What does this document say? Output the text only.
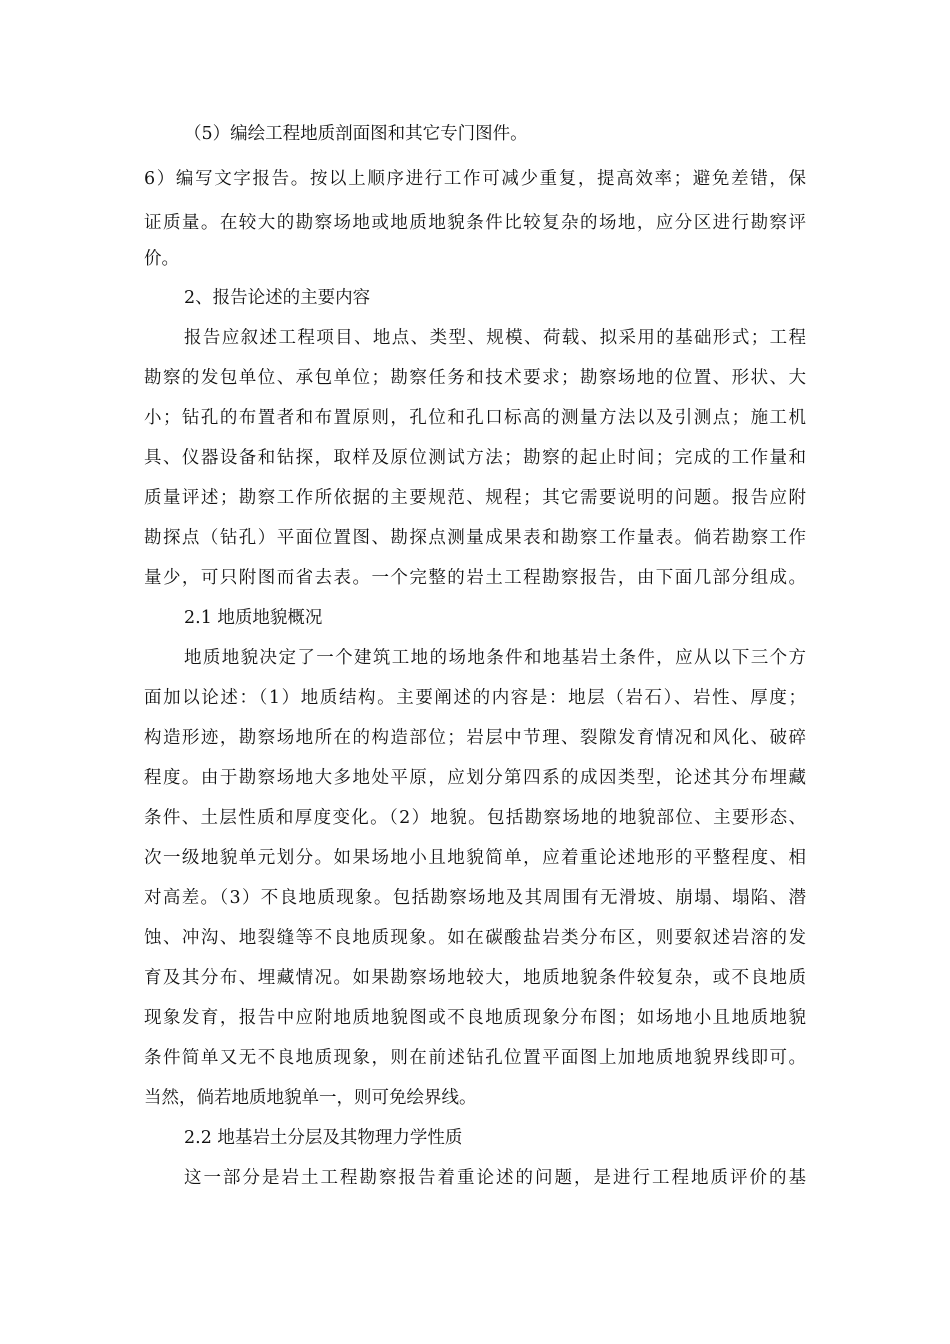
（5）编绘工程地质剖面图和其它专门图件。
6）编写文字报告。按以上顺序进行工作可减少重复，提高效率；避免差错，保
证质量。在较大的勘察场地或地质地貌条件比较复杂的场地，应分区进行勘察评
价。
2、报告论述的主要内容
报告应叙述工程项目、地点、类型、规模、荷载、拟采用的基础形式；工程
勘察的发包单位、承包单位；勘察任务和技术要求；勘察场地的位置、形状、大
小；钻孔的布置者和布置原则，孔位和孔口标高的测量方法以及引测点；施工机
具、仪器设备和钻探，取样及原位测试方法；勘察的起止时间；完成的工作量和
质量评述；勘察工作所依据的主要规范、规程；其它需要说明的问题。报告应附
勘探点（钻孔）平面位置图、勘探点测量成果表和勘察工作量表。倘若勘察工作
量少，可只附图而省去表。一个完整的岩土工程勘察报告，由下面几部分组成。
2.1 地质地貌概况
地质地貌决定了一个建筑工地的场地条件和地基岩土条件，应从以下三个方
面加以论述：（1）地质结构。主要阐述的内容是：地层（岩石）、岩性、厚度；
构造形迹，勘察场地所在的构造部位；岩层中节理、裂隙发育情况和风化、破碎
程度。由于勘察场地大多地处平原，应划分第四系的成因类型，论述其分布埋藏
条件、土层性质和厚度变化。（2）地貌。包括勘察场地的地貌部位、主要形态、
次一级地貌单元划分。如果场地小且地貌简单，应着重论述地形的平整程度、相
对高差。（3）不良地质现象。包括勘察场地及其周围有无滑坡、崩塌、塌陷、潜
蚀、冲沟、地裂缝等不良地质现象。如在碳酸盐岩类分布区，则要叙述岩溶的发
育及其分布、埋藏情况。如果勘察场地较大，地质地貌条件较复杂，或不良地质
现象发育，报告中应附地质地貌图或不良地质现象分布图；如场地小且地质地貌
条件简单又无不良地质现象，则在前述钻孔位置平面图上加地质地貌界线即可。
当然，倘若地质地貌单一，则可免绘界线。
2.2 地基岩土分层及其物理力学性质
这一部分是岩土工程勘察报告着重论述的问题，是进行工程地质评价的基
